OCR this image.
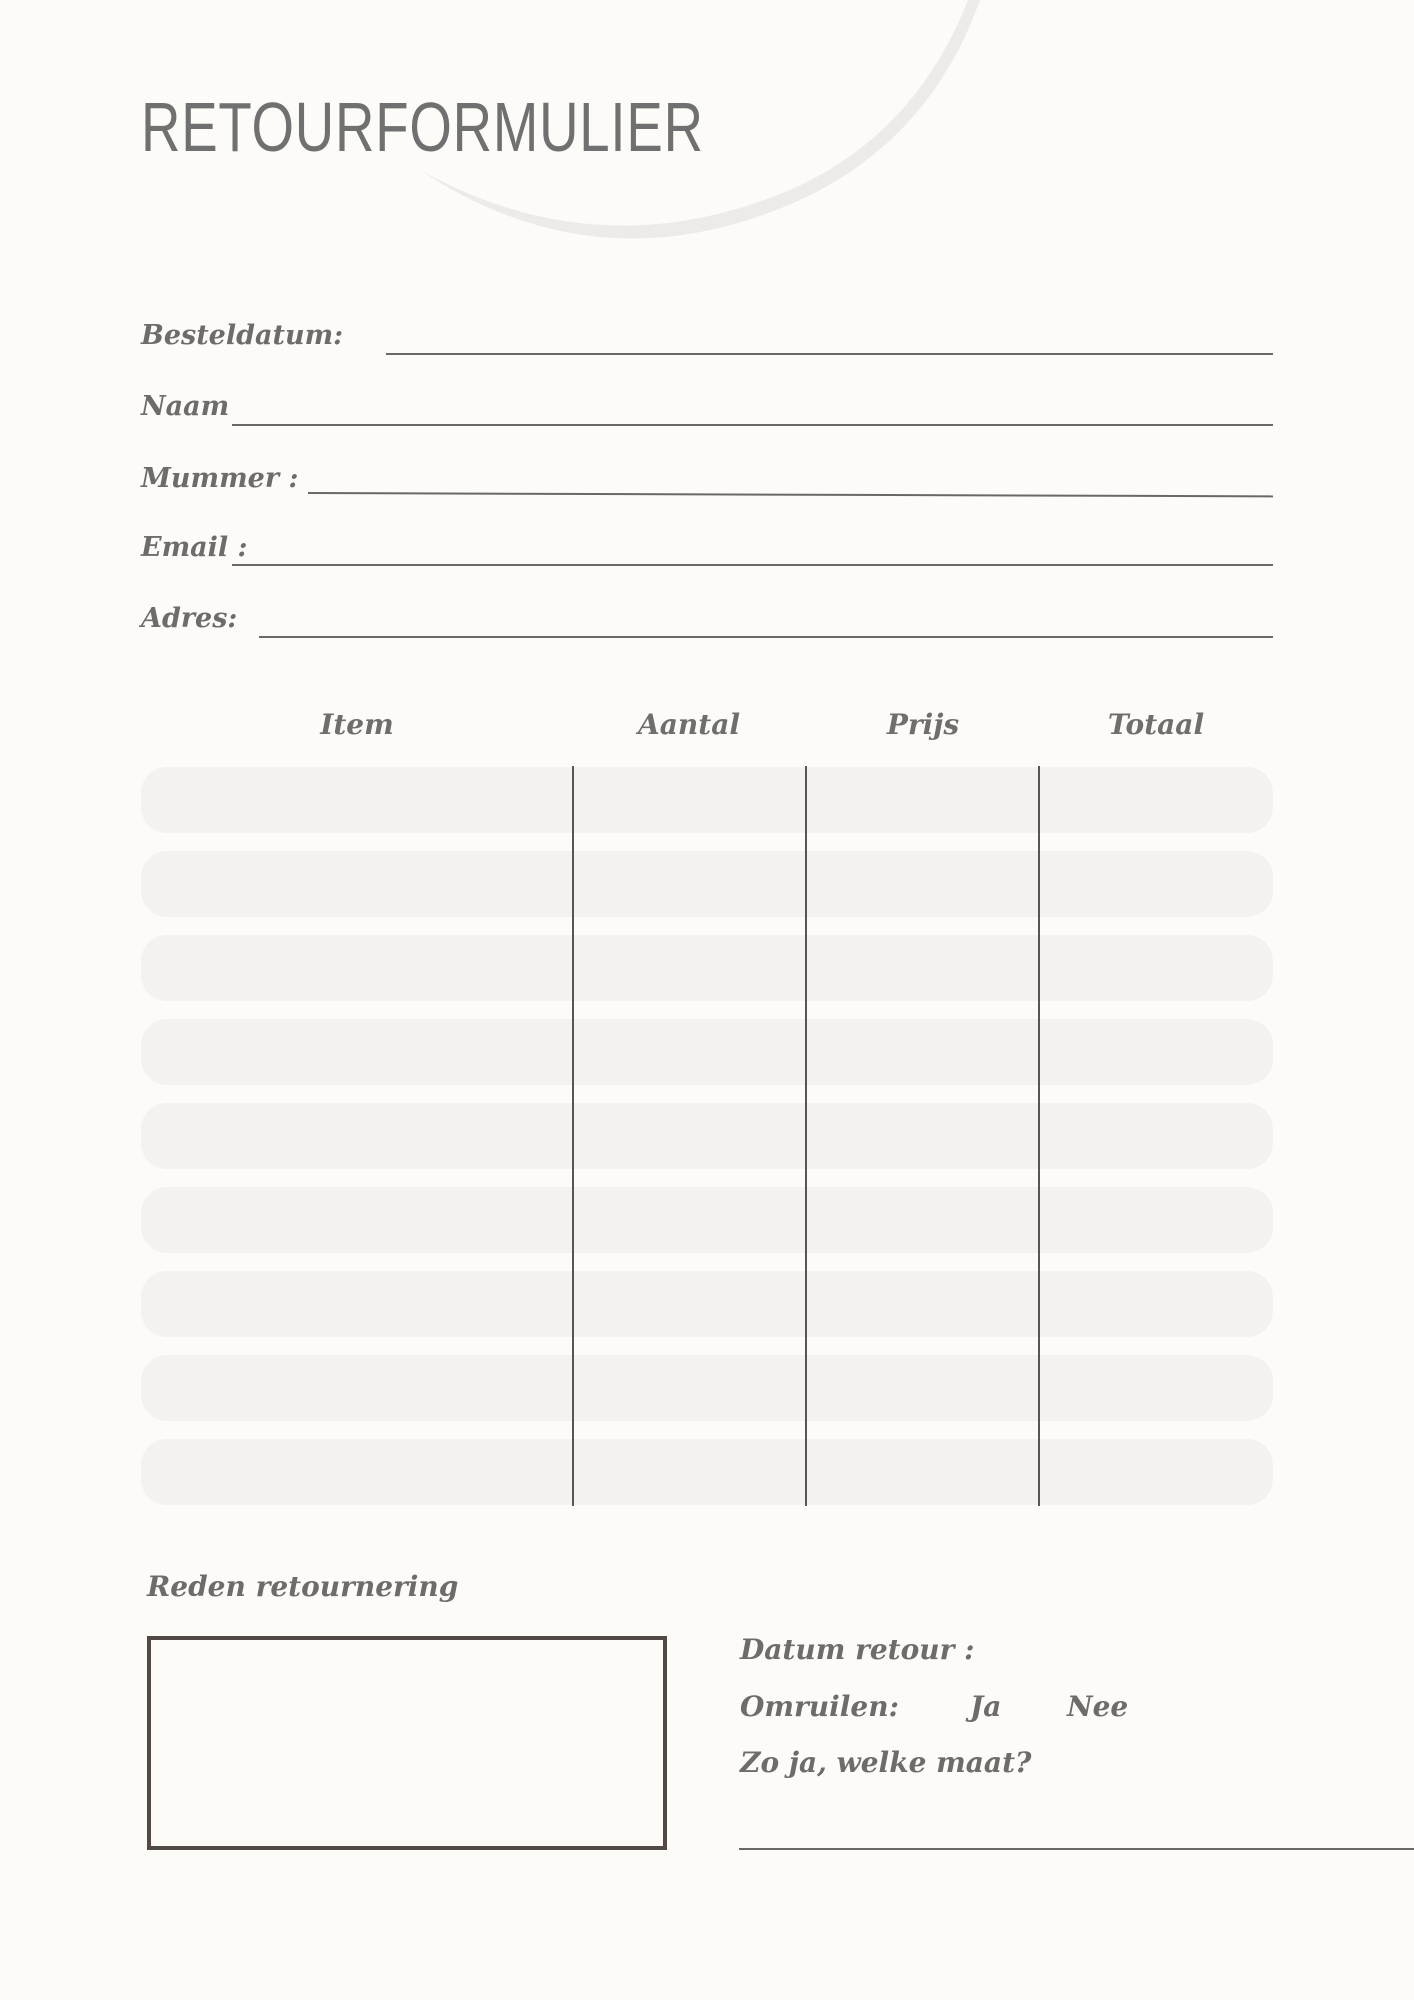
RETOURFORMULIER
Besteldatum:
Naam
Mummer :
Email :
Adres:
Item	Aantal	Prijs	Totaal
Reden retournering
Datum retour :
Omruilen:	Ja Nee
Zo ja, welke maat?
